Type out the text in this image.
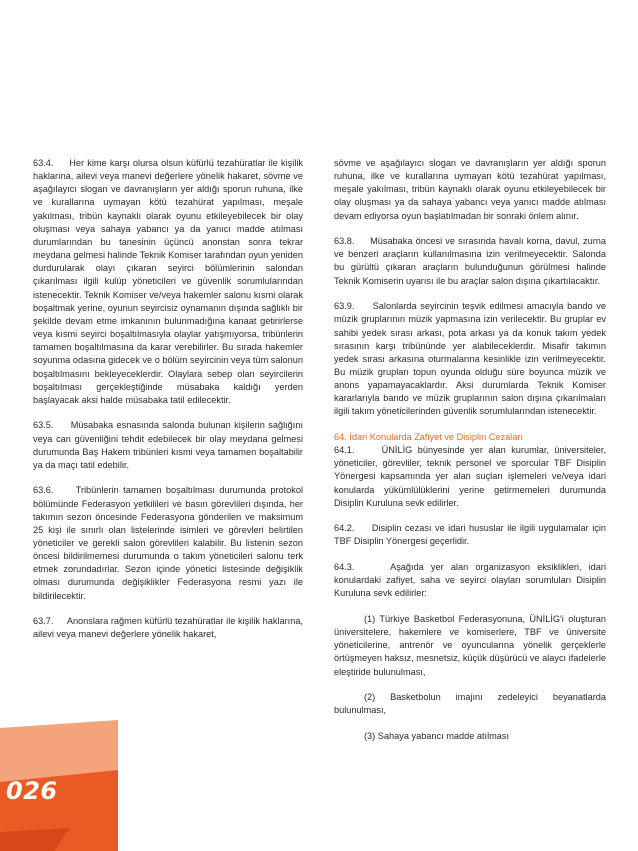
63.4.     Her kime karşı olursa olsun küfürlü tezahüratlar ile kişilik haklarına, ailevi veya manevi değerlere yönelik hakaret, sövme ve aşağılayıcı slogan ve davranışların yer aldığı sporun ruhuna, ilke ve kurallarına uymayan kötü tezahürat yapılması, meşale yakılması, tribün kaynaklı olarak oyunu etkileyebilecek bir olay oluşması veya sahaya yabancı ya da yanıcı madde atılması durumlarından bu tanesinin üçüncü anonstan sonra tekrar meydana gelmesi halinde Teknik Komiser tarafından oyun yeniden durdurularak olayı çıkaran seyirci bölümlerinin salondan çıkarılması ilgili kulüp yöneticileri ve güvenlik sorumlularından istenecektir. Teknik Komiser ve/veya hakemler salonu kısmi olarak boşaltmak yerine, oyunun seyircisiz oynamanın dışında sağlıklı bir şekilde devam etme imkanının bulunmadığına kanaat getirirlerse veya kısmi seyirci boşaltılmasıyla olaylar yatışmıyorsa, tribünlerin tamamen boşaltılmasına da karar verebilirler. Bu sırada hakemler soyunma odasına gidecek ve o bölüm seyircinin veya tüm salonun boşaltılmasını bekleyeceklerdir. Olaylara sebep olan seyircilerin boşaltılması gerçekleştiğinde müsabaka kaldığı yerden başlayacak aksi halde müsabaka tatil edilecektir.

63.5.     Müsabaka esnasında salonda bulunan kişilerin sağlığını veya can güvenliğini tehdit edebilecek bir olay meydana gelmesi durumunda Baş Hakem tribünleri kısmi veya tamamen boşaltabilir ya da maçı tatil edebilir.

63.6.     Tribünlerin tamamen boşaltılması durumunda protokol bölümünde Federasyon yetkilileri ve basın görevlileri dışında, her takımın sezon öncesinde Federasyona gönderilen ve maksimum 25 kişi ile sınırlı olan listelerinde isimleri ve görevleri belirtilen yöneticiler ve gerekli salon görevlileri kalabilir. Bu listenin sezon öncesi bildirilmemesi durumunda o takım yöneticileri salonu terk etmek zorundadırlar. Sezon içinde yönetici listesinde değişiklik olması durumunda değişiklikler Federasyona resmi yazı ile bildirilecektir.

63.7.     Anonslara rağmen küfürlü tezahüratlar ile kişilik haklarına, ailevi veya manevi değerlere yönelik hakaret,

sövme ve aşağılayıcı slogan ve davranışların yer aldığı sporun ruhuna, ilke ve kurallarına uymayan kötü tezahürat yapılması, meşale yakılması, tribün kaynaklı olarak oyunu etkileyebilecek bir olay oluşması ya da sahaya yabancı veya yanıcı madde atılması devam ediyorsa oyun başlatılmadan bir sonraki önlem alınır.

63.8.     Müsabaka öncesi ve sırasında havalı korna, davul, zurna ve benzeri araçların kullanılmasına izin verilmeyecektir. Salonda bu gürültü çıkaran araçların bulunduğunun görülmesi halinde Teknik Komiserin uyarısı ile bu araçlar salon dışına çıkartılacaktır.

63.9.     Salonlarda seyircinin teşvik edilmesi amacıyla bando ve müzik gruplarının müzik yapmasına izin verilecektir. Bu gruplar ev sahibi yedek sırası arkası, pota arkası ya da konuk takım yedek sırasının karşı tribününde yer alabileceklerdir. Misafir takımın yedek sırası arkasına oturmalarına kesinlikle izin verilmeyecektir. Bu müzik grupları topun oyunda olduğu süre boyunca müzik ve anons yapamayacaklardır. Aksi durumlarda Teknik Komiser kararlarıyla bando ve müzik gruplarının salon dışına çıkarılmaları ilgili takım yöneticilerinden güvenlik sorumlularından istenecektir.

64. İdari Konularda Zafiyet ve Disiplin Cezaları

64.1.     ÜNİLİG bünyesinde yer alan kurumlar, üniversiteler, yöneticiler, görevliler, teknik personel ve sporcular TBF Disiplin Yönergesi kapsamında yer alan suçları işlemeleri ve/veya idari konularda yükümlülüklerini yerine getirmemeleri durumunda Disiplin Kuruluna sevk edilirler.

64.2.     Disiplin cezası ve idari hususlar ile ilgili uygulamalar için TBF Disiplin Yönergesi geçerlidir.

64.3.     Aşağıda yer alan organizasyon eksiklikleri, idari konulardaki zafiyet, saha ve seyirci olayları sorumluları Disiplin Kuruluna sevk edilirler:

(1) Türkiye Basketbol Federasyonuna, ÜNİLİG'i oluşturan üniversitelere, hakemlere ve komiserlere, TBF ve üniversite yöneticilerine, antrenör ve oyuncularına yönelik gerçeklerle örtüşmeyen haksız, mesnetsiz, küçük düşürücü ve alaycı ifadelerle eleştiride bulunulması,

(2) Basketbolun imajını zedeleyici beyanatlarda bulunulması,

(3) Sahaya yabancı madde atılması

026
